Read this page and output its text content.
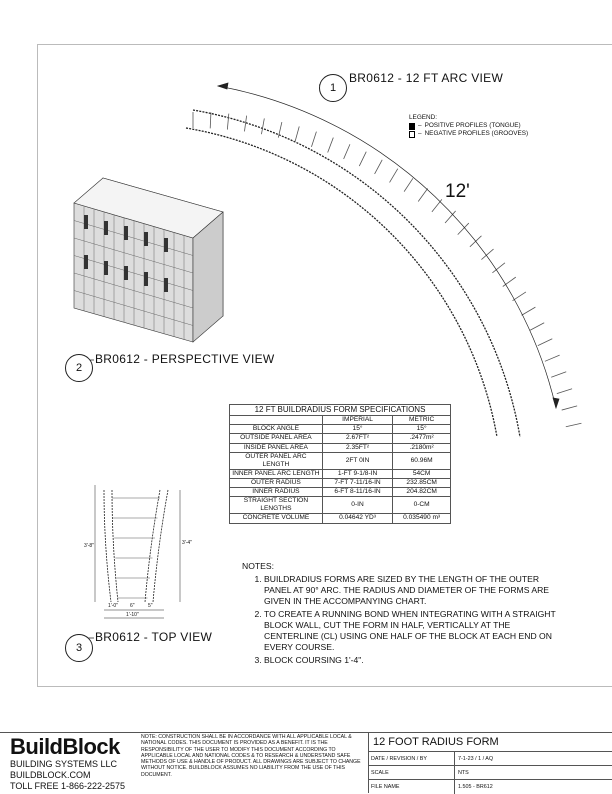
1
BR0612 - 12 FT ARC VIEW
12'
2
BR0612 - PERSPECTIVE VIEW
3
BR0612 - TOP VIEW
3'-8"	3'-4"
1'-0" 6"	5"
1'-10"
LEGEND:
– POSITIVE PROFILES (TONGUE)
– NEGATIVE PROFILES (GROOVES)
12 FT BUILDRADIUS FORM SPECIFICATIONS		
	IMPERIAL	METRIC
BLOCK ANGLE	15°	15°
OUTSIDE PANEL AREA	2.67FT²	.2477m²
INSIDE PANEL AREA	2.35FT²	.2180m²
OUTER PANEL ARC LENGTH	2FT 0IN	60.96M
INNER PANEL ARC LENGTH	1-FT 9-1/8-IN	54CM
OUTER RADIUS	7-FT 7-11/16-IN	232.85CM
INNER RADIUS	6-FT 8-11/16-IN	204.82CM
STRAIGHT SECTION LENGTHS	0-IN	0-CM
CONCRETE VOLUME	0.04642 YD³	0.035490 m³
NOTES:
1. BUILDRADIUS FORMS ARE SIZED BY THE LENGTH OF THE OUTER PANEL AT 90° ARC. THE RADIUS AND DIAMETER OF THE FORMS ARE GIVEN IN THE ACCOMPANYING CHART.
2. TO CREATE A RUNNING BOND WHEN INTEGRATING WITH A STRAIGHT BLOCK WALL, CUT THE FORM IN HALF, VERTICALLY AT THE CENTERLINE (CL) USING ONE HALF OF THE BLOCK AT EACH END ON EVERY COURSE.
3. BLOCK COURSING 1'-4".
BuildBlock
BUILDING SYSTEMS LLC
BUILDBLOCK.COM
TOLL FREE 1-866-222-2575
NOTE: CONSTRUCTION SHALL BE IN ACCORDANCE WITH ALL APPLICABLE LOCAL & NATIONAL CODES. THIS DOCUMENT IS PROVIDED AS A BENEFIT. IT IS THE RESPONSIBILITY OF THE USER TO MODIFY THIS DOCUMENT ACCORDING TO APPLICABLE LOCAL AND NATIONAL CODES & TO RESEARCH & UNDERSTAND SAFE METHODS OF USE & HANDLE OF PRODUCT. ALL DRAWINGS ARE SUBJECT TO CHANGE WITHOUT NOTICE. BUILDBLOCK ASSUMES NO LIABILITY FROM THE USE OF THIS DOCUMENT.
12 FOOT RADIUS FORM
DATE / REVISION / BY	7-1-23 / 1 / AQ
SCALE	NTS
FILE NAME	1.505 - BR612
